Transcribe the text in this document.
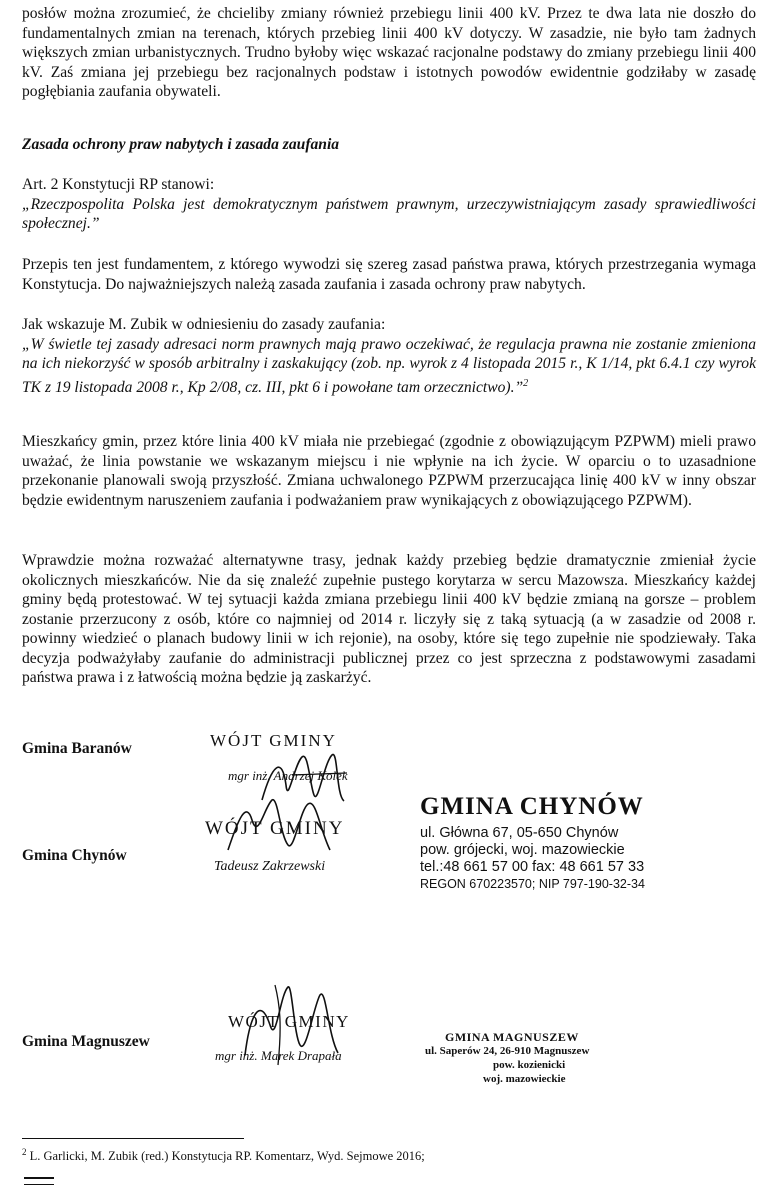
posłów można zrozumieć, że chcieliby zmiany również przebiegu linii 400 kV. Przez te dwa lata nie doszło do fundamentalnych zmian na terenach, których przebieg linii 400 kV dotyczy. W zasadzie, nie było tam żadnych większych zmian urbanistycznych. Trudno byłoby więc wskazać racjonalne podstawy do zmiany przebiegu linii 400 kV. Zaś zmiana jej przebiegu bez racjonalnych podstaw i istotnych powodów ewidentnie godziłaby w zasadę pogłębiania zaufania obywateli.

Zasada ochrony praw nabytych i zasada zaufania

Art. 2 Konstytucji RP stanowi:

„Rzeczpospolita Polska jest demokratycznym państwem prawnym, urzeczywistniającym zasady sprawiedliwości społecznej.”

Przepis ten jest fundamentem, z którego wywodzi się szereg zasad państwa prawa, których przestrzegania wymaga Konstytucja. Do najważniejszych należą zasada zaufania i zasada ochrony praw nabytych.

Jak wskazuje M. Zubik w odniesieniu do zasady zaufania:

„W świetle tej zasady adresaci norm prawnych mają prawo oczekiwać, że regulacja prawna nie zostanie zmieniona na ich niekorzyść w sposób arbitralny i zaskakujący (zob. np. wyrok z 4 listopada 2015 r., K 1/14, pkt 6.4.1 czy wyrok TK z 19 listopada 2008 r., Kp 2/08, cz. III, pkt 6 i powołane tam orzecznictwo).”$^2$

Mieszkańcy gmin, przez które linia 400 kV miała nie przebiegać (zgodnie z obowiązującym PZPWM) mieli prawo uważać, że linia powstanie we wskazanym miejscu i nie wpłynie na ich życie. W oparciu o to uzasadnione przekonanie planowali swoją przyszłość. Zmiana uchwalonego PZPWM przerzucająca linię 400 kV w inny obszar będzie ewidentnym naruszeniem zaufania i podważaniem praw wynikających z obowiązującego PZPWM).

Wprawdzie można rozważać alternatywne trasy, jednak każdy przebieg będzie dramatycznie zmieniał życie okolicznych mieszkańców. Nie da się znaleźć zupełnie pustego korytarza w sercu Mazowsza. Mieszkańcy każdej gminy będą protestować. W tej sytuacji każda zmiana przebiegu linii 400 kV będzie zmianą na gorsze – problem zostanie przerzucony z osób, które co najmniej od 2014 r. liczyły się z taką sytuacją (a w zasadzie od 2008 r. powinny wiedzieć o planach budowy linii w ich rejonie), na osoby, które się tego zupełnie nie spodziewały. Taka decyzja podważyłaby zaufanie do administracji publicznej przez co jest sprzeczna z podstawowymi zasadami państwa prawa i z łatwością można będzie ją zaskarżyć.

Gmina Baranów	WÓJT GMINY
mgr inż. Andrzej Kolek
Gmina Chynów
WÓJT GMINY
Tadeusz Zakrzewski
GMINA CHYNÓW
ul. Główna 67, 05-650 Chynów
pow. grójecki, woj. mazowieckie
tel.:48 661 57 00 fax: 48 661 57 33
REGON 670223570; NIP 797-190-32-34
Gmina Magnuszew
WÓJT GMINY
mgr inż. Marek Drapała
GMINA MAGNUSZEW
ul. Saperów 24, 26-910 Magnuszew
pow. kozienicki
woj. mazowieckie
$^2$ L. Garlicki, M. Zubik (red.) Konstytucja RP. Komentarz, Wyd. Sejmowe 2016;
